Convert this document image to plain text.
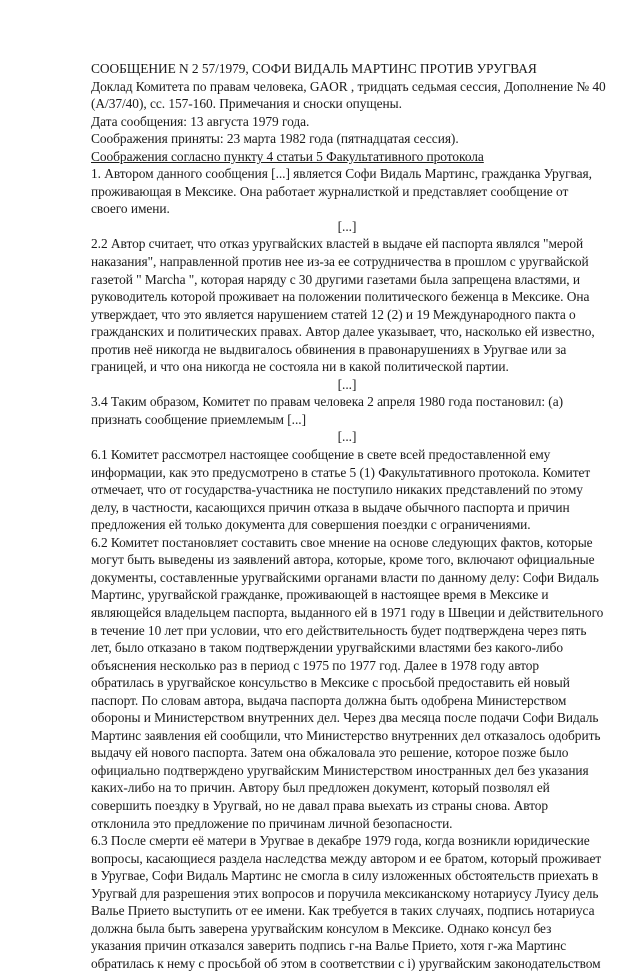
СООБЩЕНИЕ N 2 57/1979, СОФИ ВИДАЛЬ МАРТИНС ПРОТИВ УРУГВАЯ
Доклад Комитета по правам человека, GAOR , тридцать седьмая сессия, Дополнение № 40
(A/37/40), сс. 157-160. Примечания и сноски опущены.
Дата сообщения: 13 августа 1979 года.
Соображения приняты: 23 марта 1982 года (пятнадцатая сессия).
Соображения согласно пункту 4 статьи 5 Факультативного протокола
1. Автором данного сообщения [...] является Софи Видаль Мартинс, гражданка Уругвая,
проживающая в Мексике. Она работает журналисткой и представляет сообщение от
своего имени.
[...]
2.2 Автор считает, что отказ уругвайских властей в выдаче ей паспорта являлся "мерой
наказания", направленной против нее из-за ее сотрудничества в прошлом с уругвайской
газетой " Marcha ", которая наряду с 30 другими газетами была запрещена властями, и
руководитель которой проживает на положении политического беженца в Мексике. Она
утверждает, что это является нарушением статей 12 (2) и 19 Международного пакта о
гражданских и политических правах. Автор далее указывает, что, насколько ей известно,
против неё никогда не выдвигалось обвинения в правонарушениях в Уругвае или за
границей, и что она никогда не состояла ни в какой политической партии.
[...]
3.4 Таким образом, Комитет по правам человека 2 апреля 1980 года постановил: (a)
признать сообщение приемлемым [...]
[...]
6.1 Комитет рассмотрел настоящее сообщение в свете всей предоставленной ему
информации, как это предусмотрено в статье 5 (1) Факультативного протокола. Комитет
отмечает, что от государства-участника не поступило никаких представлений по этому
делу, в частности, касающихся причин отказа в выдаче обычного паспорта и причин
предложения ей только документа для совершения поездки с ограничениями.
6.2 Комитет постановляет составить свое мнение на основе следующих фактов, которые
могут быть выведены из заявлений автора, которые, кроме того, включают официальные
документы, составленные уругвайскими органами власти по данному делу: Софи Видаль
Мартинс, уругвайской гражданке, проживающей в настоящее время в Мексике и
являющейся владельцем паспорта, выданного ей в 1971 году в Швеции и действительного
в течение 10 лет при условии, что его действительность будет подтверждена через пять
лет, было отказано в таком подтверждении уругвайскими властями без какого-либо
объяснения несколько раз в период с 1975 по 1977 год. Далее в 1978 году автор
обратилась в уругвайское консульство в Мексике с просьбой предоставить ей новый
паспорт. По словам автора, выдача паспорта должна быть одобрена Министерством
обороны и Министерством внутренних дел. Через два месяца после подачи Софи Видаль
Мартинс заявления ей сообщили, что Министерство внутренних дел отказалось одобрить
выдачу ей нового паспорта. Затем она обжаловала это решение, которое позже было
официально подтверждено уругвайским Министерством иностранных дел без указания
каких-либо на то причин. Автору был предложен документ, который позволял ей
совершить поездку в Уругвай, но не давал права выехать из страны снова. Автор
отклонила это предложение по причинам личной безопасности.
6.3 После смерти её матери в Уругвае в декабре 1979 года, когда возникли юридические
вопросы, касающиеся раздела наследства между автором и ее братом, который проживает
в Уругвае, Софи Видаль Мартинс не смогла в силу изложенных обстоятельств приехать в
Уругвай для разрешения этих вопросов и поручила мексиканскому нотариусу Луису дель
Валье Прието выступить от ее имени. Как требуется в таких случаях, подпись нотариуса
должна была быть заверена уругвайским консулом в Мексике. Однако консул без
указания причин отказался заверить подпись г-на Валье Прието, хотя г-жа Мартинс
обратилась к нему с просьбой об этом в соответствии с i) уругвайским законодательством
